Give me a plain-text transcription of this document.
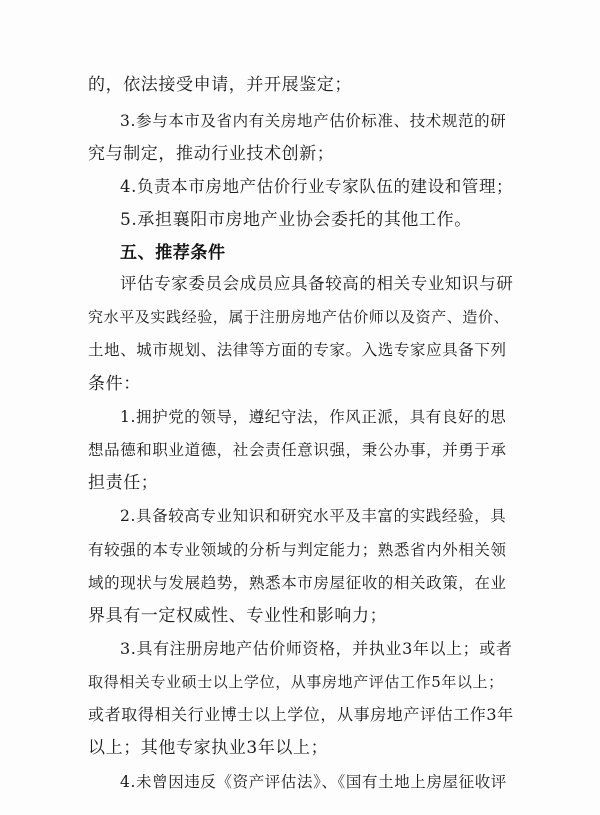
的，依法接受申请，并开展鉴定；
3.参与本市及省内有关房地产估价标准、技术规范的研
究与制定，推动行业技术创新；
4.负责本市房地产估价行业专家队伍的建设和管理；
5.承担襄阳市房地产业协会委托的其他工作。
五、推荐条件
评估专家委员会成员应具备较高的相关专业知识与研
究水平及实践经验，属于注册房地产估价师以及资产、造价、
土地、城市规划、法律等方面的专家。入选专家应具备下列
条件：
1.拥护党的领导，遵纪守法，作风正派，具有良好的思
想品德和职业道德，社会责任意识强，秉公办事，并勇于承
担责任；
2.具备较高专业知识和研究水平及丰富的实践经验，具
有较强的本专业领域的分析与判定能力；熟悉省内外相关领
域的现状与发展趋势，熟悉本市房屋征收的相关政策，在业
界具有一定权威性、专业性和影响力；
3.具有注册房地产估价师资格，并执业3年以上；或者
取得相关专业硕士以上学位，从事房地产评估工作5年以上；
或者取得相关行业博士以上学位，从事房地产评估工作3年
以上；其他专家执业3年以上；
4.未曾因违反《资产评估法》、《国有土地上房屋征收评
